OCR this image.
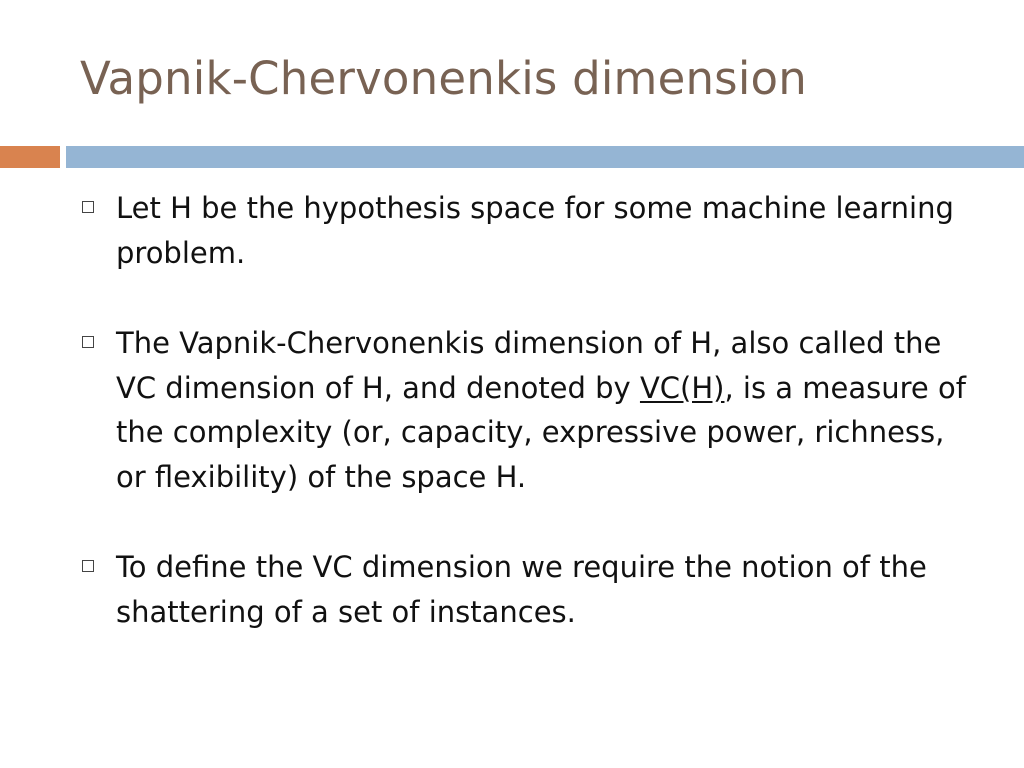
Vapnik-Chervonenkis dimension
Let H be the hypothesis space for some machine learning problem.
The Vapnik-Chervonenkis dimension of H, also called the VC dimension of H, and denoted by VC(H), is a measure of the complexity (or, capacity, expressive power, richness, or flexibility) of the space H.
To define the VC dimension we require the notion of the shattering of a set of instances.
